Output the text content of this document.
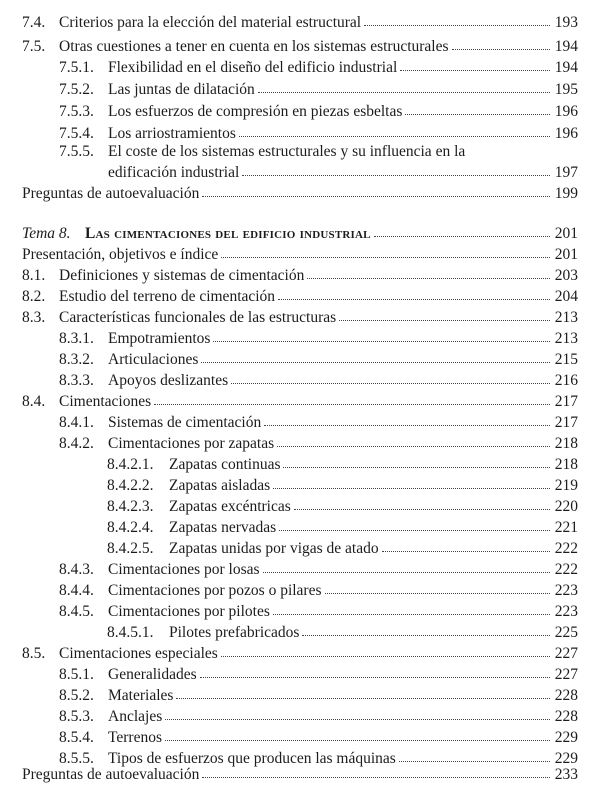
7.4. Criterios para la elección del material estructural	193
7.5. Otras cuestiones a tener en cuenta en los sistemas estructurales	194
7.5.1. Flexibilidad en el diseño del edificio industrial	194
7.5.2. Las juntas de dilatación	195
7.5.3. Los esfuerzos de compresión en piezas esbeltas	196
7.5.4. Los arriostramientos	196
7.5.5. El coste de los sistemas estructurales y su influencia en la
edificación industrial	197
Preguntas de autoevaluación	199
Tema 8. Las cimentaciones del edificio industrial	201
Presentación, objetivos e índice	201
8.1. Definiciones y sistemas de cimentación	203
8.2. Estudio del terreno de cimentación	204
8.3. Características funcionales de las estructuras	213
8.3.1. Empotramientos	213
8.3.2. Articulaciones	215
8.3.3. Apoyos deslizantes	216
8.4. Cimentaciones	217
8.4.1. Sistemas de cimentación	217
8.4.2. Cimentaciones por zapatas	218
8.4.2.1.	Zapatas continuas	218
8.4.2.2.	Zapatas aisladas	219
8.4.2.3.	Zapatas excéntricas	220
8.4.2.4.	Zapatas nervadas	221
8.4.2.5.	Zapatas unidas por vigas de atado	222
8.4.3. Cimentaciones por losas	222
8.4.4. Cimentaciones por pozos o pilares	223
8.4.5. Cimentaciones por pilotes	223
8.4.5.1.	Pilotes prefabricados	225
8.5. Cimentaciones especiales	227
8.5.1. Generalidades	227
8.5.2. Materiales	228
8.5.3. Anclajes	228
8.5.4. Terrenos	229
8.5.5. Tipos de esfuerzos que producen las máquinas	229
Preguntas de autoevaluación	233
